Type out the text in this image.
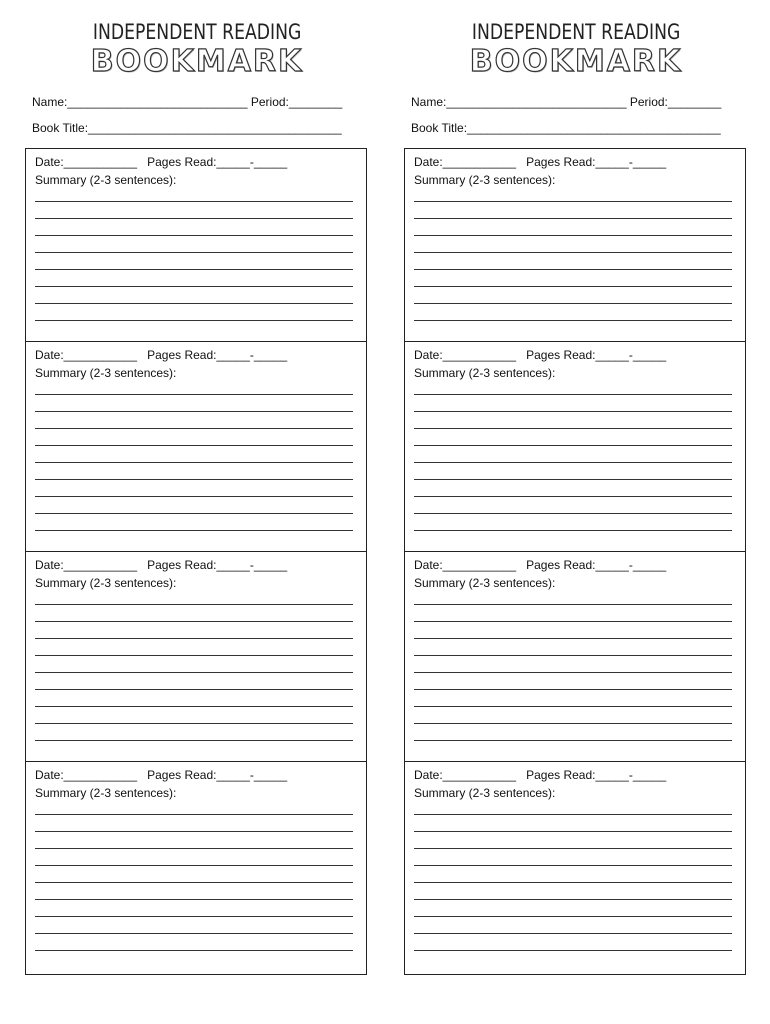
INDEPENDENT READING
BOOKMARK
Name:___________________________ Period:________
Book Title:______________________________________
Date:___________   Pages Read:_____-_____
Summary (2-3 sentences):
Date:___________   Pages Read:_____-_____
Summary (2-3 sentences):
Date:___________   Pages Read:_____-_____
Summary (2-3 sentences):
Date:___________   Pages Read:_____-_____
Summary (2-3 sentences):
INDEPENDENT READING
BOOKMARK
Name:___________________________ Period:________
Book Title:______________________________________
Date:___________   Pages Read:_____-_____
Summary (2-3 sentences):
Date:___________   Pages Read:_____-_____
Summary (2-3 sentences):
Date:___________   Pages Read:_____-_____
Summary (2-3 sentences):
Date:___________   Pages Read:_____-_____
Summary (2-3 sentences):
